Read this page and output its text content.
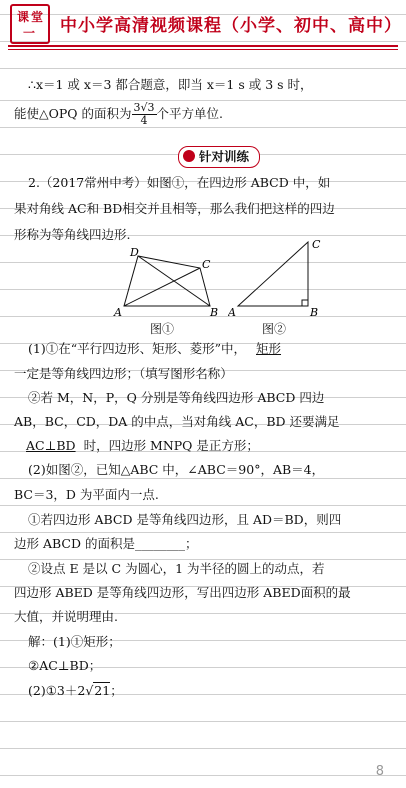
课 堂
一 中小学高清视频课程（小学、初中、高中）
∴x＝1 或 x＝3 都合题意，即当 x＝1 s 或 3 s 时，
能使△OPQ 的面积为 $\frac{3√3}{4}$ 个平方单位.
针对训练
2.（2017常州中考）如图①，在四边形 ABCD 中，如
果对角线 AC和 BD相交并且相等，那么我们把这样的四边
形称为等角线四边形.
A	B
C
D
A	B
C
图①	图②
(1)①在“平行四边形、矩形、菱形”中， 矩形
一定是等角线四边形；（填写图形名称）
②若 M，N，P，Q 分别是等角线四边形 ABCD 四边
AB，BC，CD，DA 的中点，当对角线 AC，BD 还要满足
AC⊥BD 时，四边形 MNPQ 是正方形；
(2)如图②，已知△ABC 中，∠ABC＝90°，AB＝4，
BC＝3，D 为平面内一点.
①若四边形 ABCD 是等角线四边形，且 AD＝BD，则四
边形 ABCD 的面积是________；
②设点 E 是以 C 为圆心，1 为半径的圆上的动点，若
四边形 ABED 是等角线四边形，写出四边形 ABED面积的最
大值，并说明理由.
解：(1)①矩形；
②AC⊥BD；
(2)①3＋2√21；
8
